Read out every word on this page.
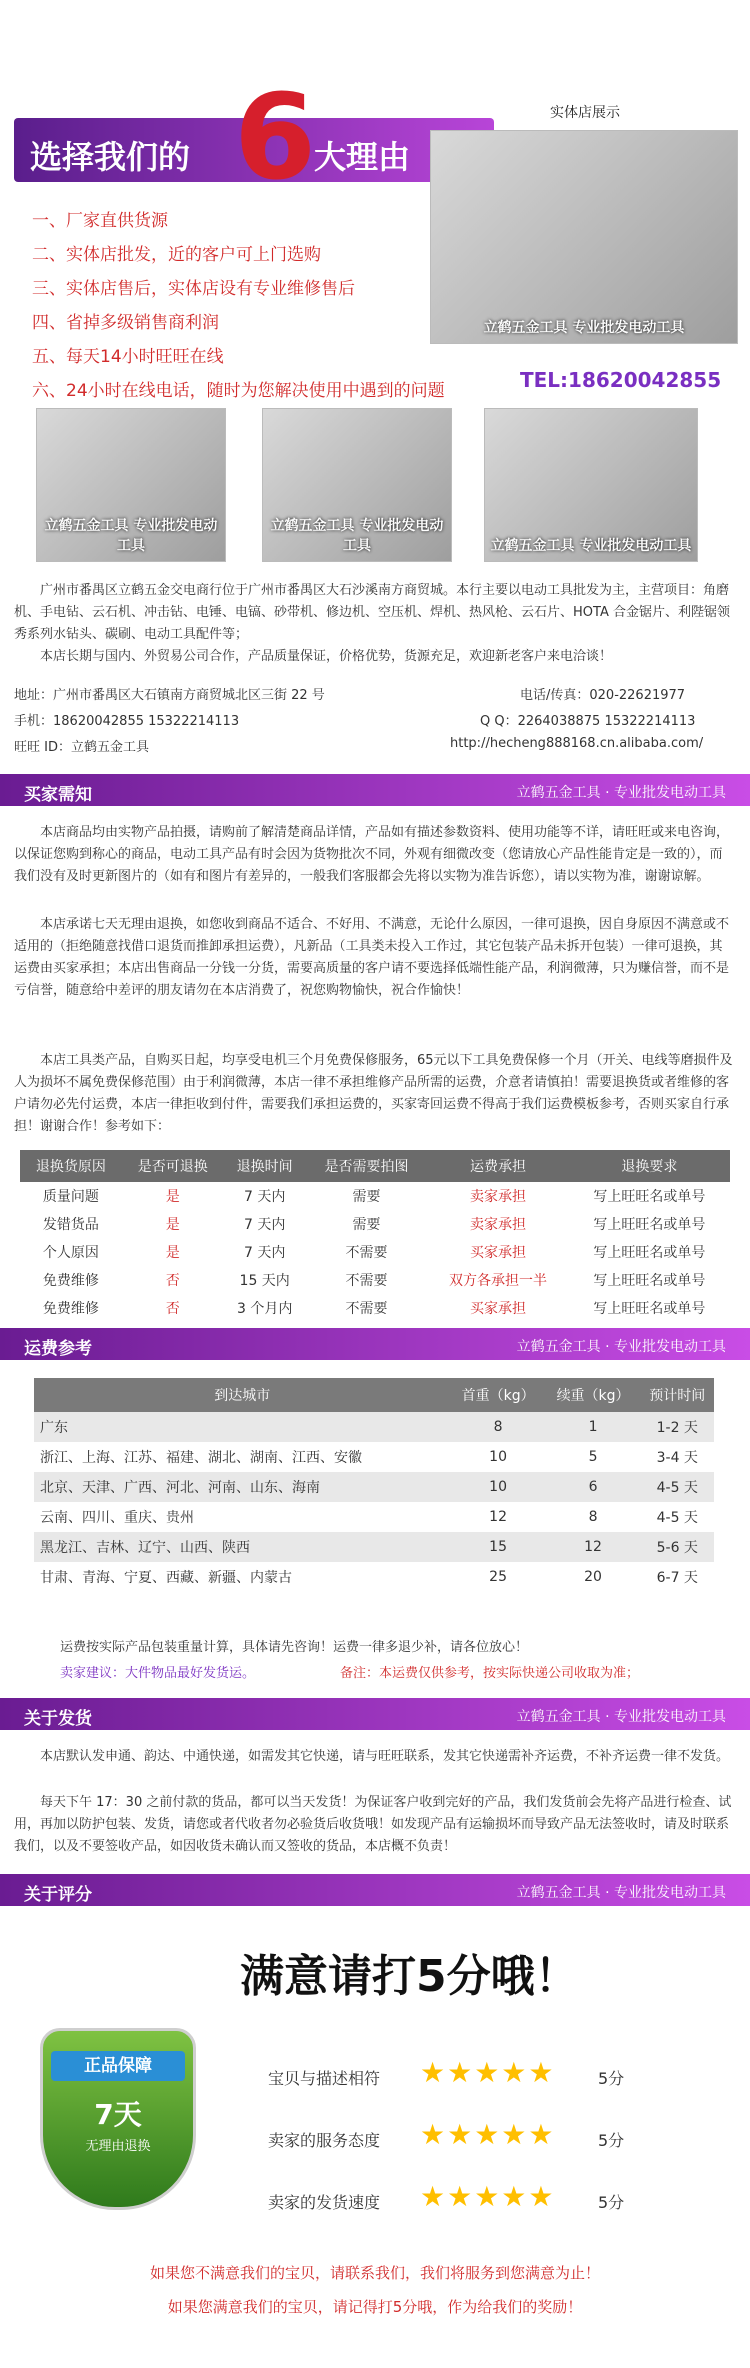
选择我们的 6
大理由
一、厂家直供货源
二、实体店批发，近的客户可上门选购
三、实体店售后，实体店设有专业维修售后
四、省掉多级销售商利润
五、每天14小时旺旺在线
六、24小时在线电话，随时为您解决使用中遇到的问题
实体店展示
立鹤五金工具 专业批发电动工具
TEL:18620042855
立鹤五金工具 专业批发电动工具
立鹤五金工具 专业批发电动工具	立鹤五金工具 专业批发电动工具
广州市番禺区立鹤五金交电商行位于广州市番禺区大石沙溪南方商贸城。本行主要以电动工具批发为主，主营项目：角磨机、手电钻、云石机、冲击钻、电锤、电镐、砂带机、修边机、空压机、焊机、热风枪、云石片、HOTA 合金锯片、利陛锯领秀系列水钻头、碳刷、电动工具配件等；
本店长期与国内、外贸易公司合作，产品质量保证，价格优势，货源充足，欢迎新老客户来电洽谈！
地址：广州市番禺区大石镇南方商贸城北区三街 22 号	电话/传真：020-22621977
手机：18620042855 15322214113	Q Q：2264038875 15322214113
旺旺 ID：立鹤五金工具	http://hecheng888168.cn.alibaba.com/
买家需知	立鹤五金工具 · 专业批发电动工具
本店商品均由实物产品拍摄，请购前了解清楚商品详情，产品如有描述参数资料、使用功能等不详，请旺旺或来电咨询，以保证您购到称心的商品，电动工具产品有时会因为货物批次不同，外观有细微改变（您请放心产品性能肯定是一致的），而我们没有及时更新图片的（如有和图片有差异的，一般我们客服都会先将以实物为准告诉您），请以实物为准，谢谢谅解。
本店承诺七天无理由退换，如您收到商品不适合、不好用、不满意，无论什么原因，一律可退换，因自身原因不满意或不适用的（拒绝随意找借口退货而推卸承担运费），凡新品（工具类未投入工作过，其它包装产品未拆开包装）一律可退换，其运费由买家承担；本店出售商品一分钱一分货，需要高质量的客户请不要选择低端性能产品，利润微薄，只为赚信誉，而不是亏信誉，随意给中差评的朋友请勿在本店消费了，祝您购物愉快，祝合作愉快！
本店工具类产品，自购买日起，均享受电机三个月免费保修服务，65元以下工具免费保修一个月（开关、电线等磨损件及人为损坏不属免费保修范围）由于利润微薄，本店一律不承担维修产品所需的运费，介意者请慎拍！需要退换货或者维修的客户请勿必先付运费，本店一律拒收到付件，需要我们承担运费的，买家寄回运费不得高于我们运费模板参考，否则买家自行承担！谢谢合作！参考如下：
退换货原因	是否可退换	退换时间	是否需要拍图	运费承担	退换要求
质量问题	是	7 天内	需要	卖家承担	写上旺旺名或单号
发错货品	是	7 天内	需要	卖家承担	写上旺旺名或单号
个人原因	是	7 天内	不需要	买家承担	写上旺旺名或单号
免费维修	否	15 天内	不需要	双方各承担一半	写上旺旺名或单号
免费维修	否	3 个月内	不需要	买家承担	写上旺旺名或单号
运费参考	立鹤五金工具 · 专业批发电动工具
到达城市	首重（kg）	续重（kg）	预计时间
广东	8	1	1-2 天
浙江、上海、江苏、福建、湖北、湖南、江西、安徽	10	5	3-4 天
北京、天津、广西、河北、河南、山东、海南	10	6	4-5 天
云南、四川、重庆、贵州	12	8	4-5 天
黑龙江、吉林、辽宁、山西、陕西	15	12	5-6 天
甘肃、青海、宁夏、西藏、新疆、内蒙古	25	20	6-7 天
运费按实际产品包装重量计算，具体请先咨询！运费一律多退少补，请各位放心！
卖家建议：大件物品最好发货运。	备注：本运费仅供参考，按实际快递公司收取为准；
关于发货	立鹤五金工具 · 专业批发电动工具
本店默认发申通、韵达、中通快递，如需发其它快递，请与旺旺联系，发其它快递需补齐运费，不补齐运费一律不发货。
每天下午 17：30 之前付款的货品，都可以当天发货！为保证客户收到完好的产品，我们发货前会先将产品进行检查、试用，再加以防护包装、发货，请您或者代收者勿必验货后收货哦！如发现产品有运输损坏而导致产品无法签收时，请及时联系我们，以及不要签收产品，如因收货未确认而又签收的货品，本店概不负责！
关于评分	立鹤五金工具 · 专业批发电动工具
满意请打5分哦！
正品保障
7天
无理由退换
宝贝与描述相符 ★★★★★	5分
卖家的服务态度 ★★★★★	5分
卖家的发货速度 ★★★★★	5分
如果您不满意我们的宝贝，请联系我们，我们将服务到您满意为止！
如果您满意我们的宝贝，请记得打5分哦，作为给我们的奖励！
